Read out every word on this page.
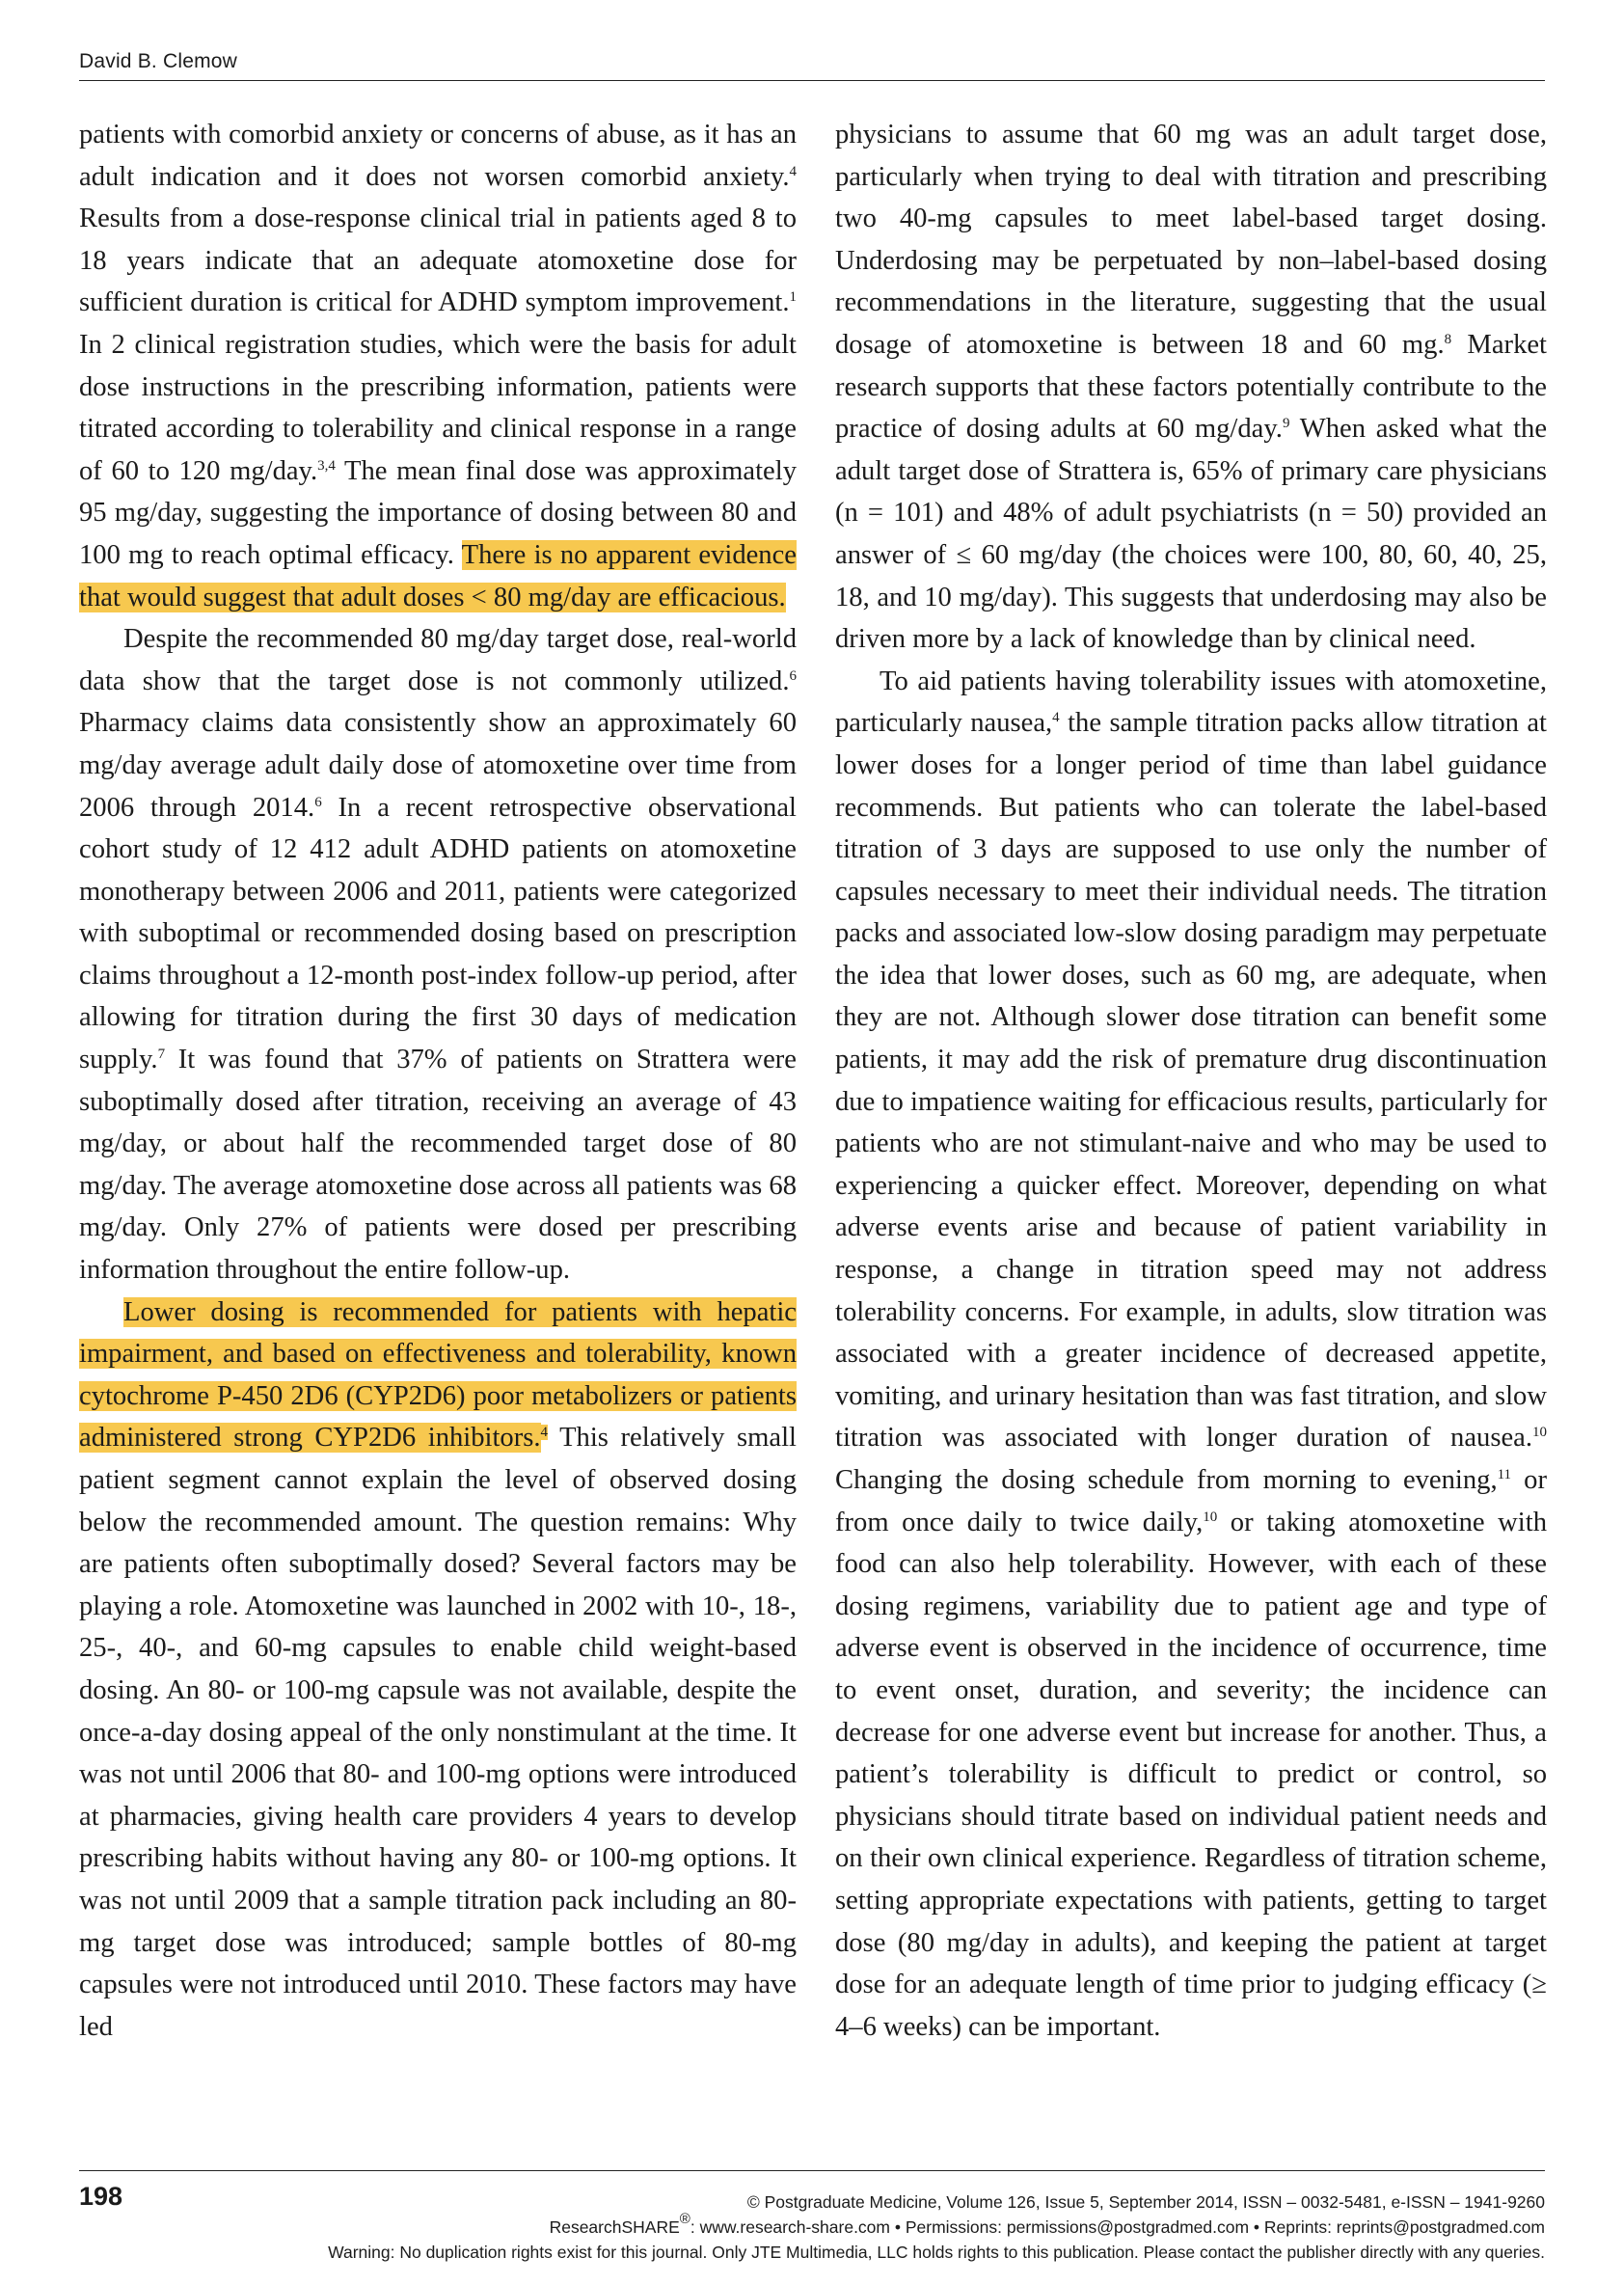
David B. Clemow

patients with comorbid anxiety or concerns of abuse, as it has an adult indication and it does not worsen comorbid anxiety.$^4$ Results from a dose-response clinical trial in patients aged 8 to 18 years indicate that an adequate atomoxetine dose for sufficient duration is critical for ADHD symptom improvement.$^1$ In 2 clinical registration studies, which were the basis for adult dose instructions in the prescribing information, patients were titrated according to tolerability and clinical response in a range of 60 to 120 mg/day.$^{3,4}$ The mean final dose was approximately 95 mg/day, suggesting the importance of dosing between 80 and 100 mg to reach optimal efficacy. There is no apparent evidence that would suggest that adult doses < 80 mg/day are efficacious.

Despite the recommended 80 mg/day target dose, real-world data show that the target dose is not commonly utilized.$^6$ Pharmacy claims data consistently show an approximately 60 mg/day average adult daily dose of atomoxetine over time from 2006 through 2014.$^6$ In a recent retrospective observational cohort study of 12 412 adult ADHD patients on atomoxetine monotherapy between 2006 and 2011, patients were categorized with suboptimal or recommended dosing based on prescription claims throughout a 12-month post-index follow-up period, after allowing for titration during the first 30 days of medication supply.$^7$ It was found that 37% of patients on Strattera were suboptimally dosed after titration, receiving an average of 43 mg/day, or about half the recommended target dose of 80 mg/day. The average atomoxetine dose across all patients was 68 mg/day. Only 27% of patients were dosed per prescribing information throughout the entire follow-up.

Lower dosing is recommended for patients with hepatic impairment, and based on effectiveness and tolerability, known cytochrome P-450 2D6 (CYP2D6) poor metabolizers or patients administered strong CYP2D6 inhibitors.$^4$ This relatively small patient segment cannot explain the level of observed dosing below the recommended amount. The question remains: Why are patients often suboptimally dosed? Several factors may be playing a role. Atomoxetine was launched in 2002 with 10-, 18-, 25-, 40-, and 60-mg capsules to enable child weight-based dosing. An 80- or 100-mg capsule was not available, despite the once-a-day dosing appeal of the only nonstimulant at the time. It was not until 2006 that 80- and 100-mg options were introduced at pharmacies, giving health care providers 4 years to develop prescribing habits without having any 80- or 100-mg options. It was not until 2009 that a sample titration pack including an 80-mg target dose was introduced; sample bottles of 80-mg capsules were not introduced until 2010. These factors may have led

physicians to assume that 60 mg was an adult target dose, particularly when trying to deal with titration and prescribing two 40-mg capsules to meet label-based target dosing. Underdosing may be perpetuated by non–label-based dosing recommendations in the literature, suggesting that the usual dosage of atomoxetine is between 18 and 60 mg.$^8$ Market research supports that these factors potentially contribute to the practice of dosing adults at 60 mg/day.$^9$ When asked what the adult target dose of Strattera is, 65% of primary care physicians (n = 101) and 48% of adult psychiatrists (n = 50) provided an answer of ≤ 60 mg/day (the choices were 100, 80, 60, 40, 25, 18, and 10 mg/day). This suggests that underdosing may also be driven more by a lack of knowledge than by clinical need.

To aid patients having tolerability issues with atomoxetine, particularly nausea,$^4$ the sample titration packs allow titration at lower doses for a longer period of time than label guidance recommends. But patients who can tolerate the label-based titration of 3 days are supposed to use only the number of capsules necessary to meet their individual needs. The titration packs and associated low-slow dosing paradigm may perpetuate the idea that lower doses, such as 60 mg, are adequate, when they are not. Although slower dose titration can benefit some patients, it may add the risk of premature drug discontinuation due to impatience waiting for efficacious results, particularly for patients who are not stimulant-naive and who may be used to experiencing a quicker effect. Moreover, depending on what adverse events arise and because of patient variability in response, a change in titration speed may not address tolerability concerns. For example, in adults, slow titration was associated with a greater incidence of decreased appetite, vomiting, and urinary hesitation than was fast titration, and slow titration was associated with longer duration of nausea.$^{10}$ Changing the dosing schedule from morning to evening,$^{11}$ or from once daily to twice daily,$^{10}$ or taking atomoxetine with food can also help tolerability. However, with each of these dosing regimens, variability due to patient age and type of adverse event is observed in the incidence of occurrence, time to event onset, duration, and severity; the incidence can decrease for one adverse event but increase for another. Thus, a patient’s tolerability is difficult to predict or control, so physicians should titrate based on individual patient needs and on their own clinical experience. Regardless of titration scheme, setting appropriate expectations with patients, getting to target dose (80 mg/day in adults), and keeping the patient at target dose for an adequate length of time prior to judging efficacy (≥ 4–6 weeks) can be important.

198	© Postgraduate Medicine, Volume 126, Issue 5, September 2014, ISSN – 0032-5481, e-ISSN – 1941-9260
ResearchSHARE®: www.research-share.com • Permissions: permissions@postgradmed.com • Reprints: reprints@postgradmed.com
Warning: No duplication rights exist for this journal. Only JTE Multimedia, LLC holds rights to this publication. Please contact the publisher directly with any queries.
